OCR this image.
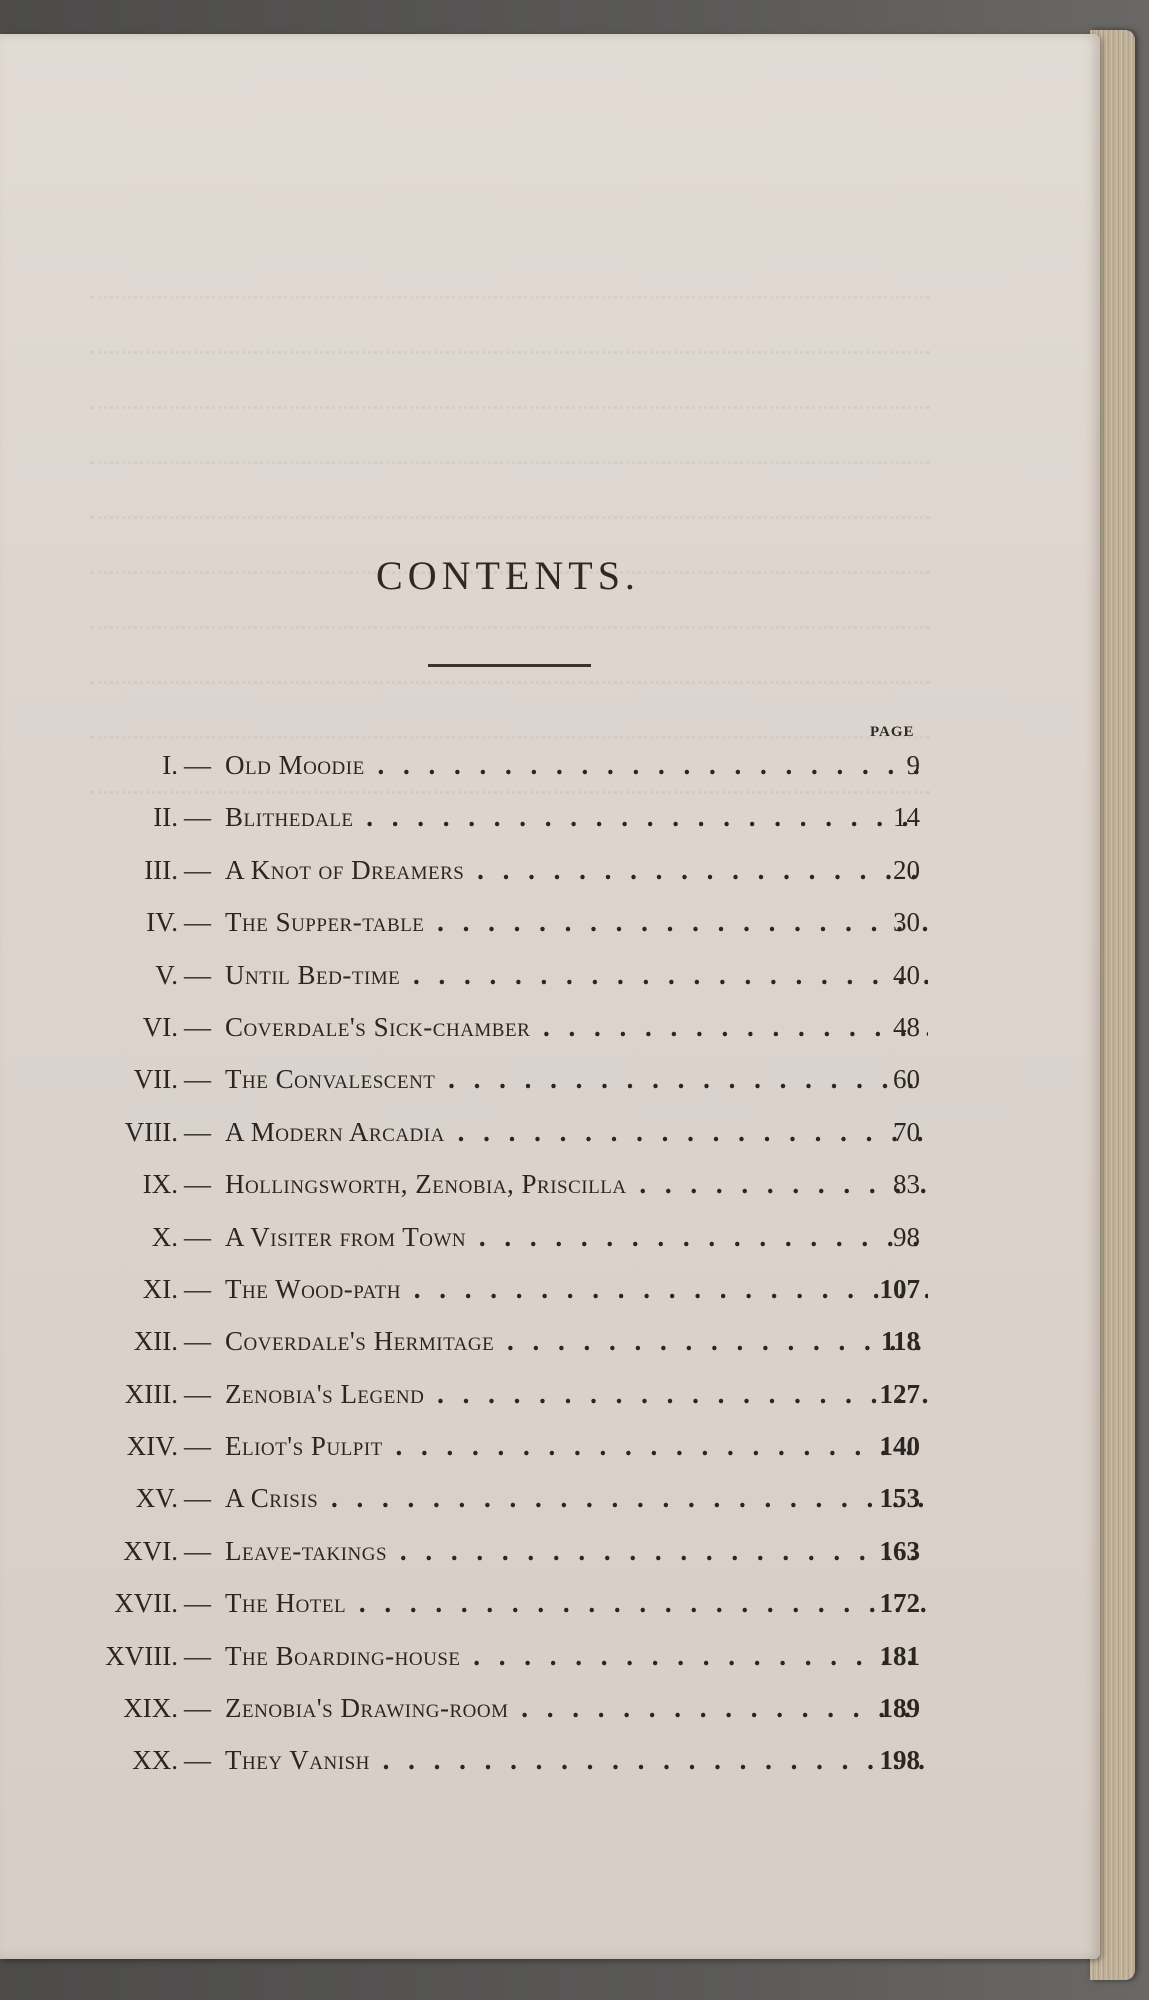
CONTENTS.
PAGE
I. — Old Moodie . . .	9
II. — Blithedale . . .	14
III. — A Knot of Dreamers . . .	20
IV. — The Supper-table . . .	30
V. — Until Bed-time . . .	40
VI. — Coverdale's Sick-chamber . . .	48
VII. — The Convalescent . . .	60
VIII. — A Modern Arcadia . . .	70
IX. — Hollingsworth, Zenobia, Priscilla . . .	83
X. — A Visiter from Town . . .	98
XI. — The Wood-path . . .	107
XII. — Coverdale's Hermitage . . .	118
XIII. — Zenobia's Legend . . .	127
XIV. — Eliot's Pulpit . . .	140
XV. — A Crisis . . .	153
XVI. — Leave-takings . . .	163
XVII. — The Hotel . . .	172
XVIII. — The Boarding-house . . .	181
XIX. — Zenobia's Drawing-room . . .	189
XX. — They Vanish . . .	198
